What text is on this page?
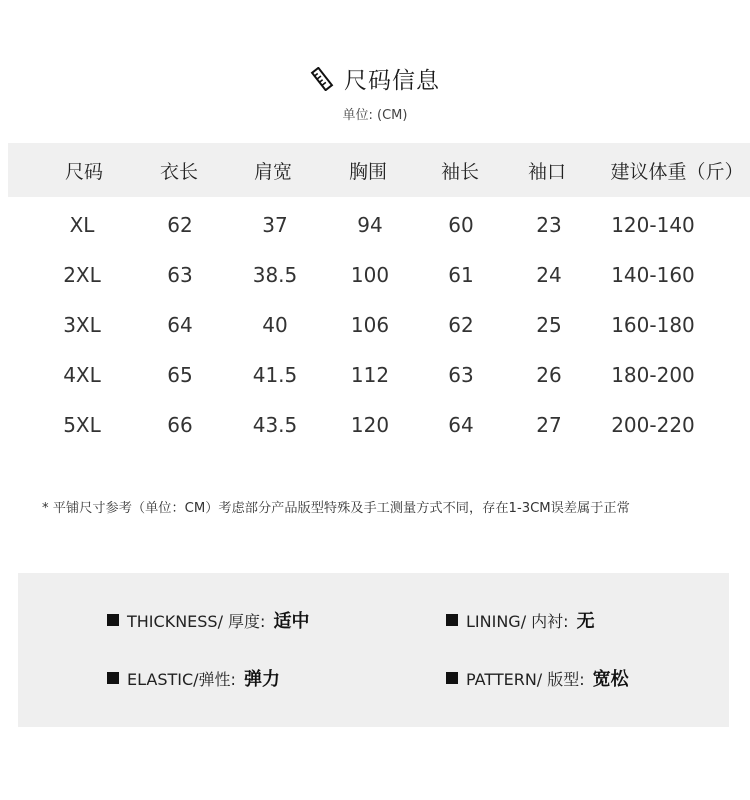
尺码信息
单位: (CM)
尺码	衣长	肩宽	胸围	袖长	袖口 建议体重（斤）
XL	62	37	94	60	23 120-140
2XL	63	38.5	100	61	24 140-160
3XL	64	40	106	62	25 160-180
4XL	65	41.5	112	63	26 180-200
5XL	66	43.5	120	64	27 200-220
* 平铺尺寸参考（单位：CM）考虑部分产品版型特殊及手工测量方式不同，存在1-3CM误差属于正常
THICKNESS/ 厚度: 适中	LINING/ 内衬: 无
ELASTIC/弹性: 弹力	PATTERN/ 版型: 宽松
